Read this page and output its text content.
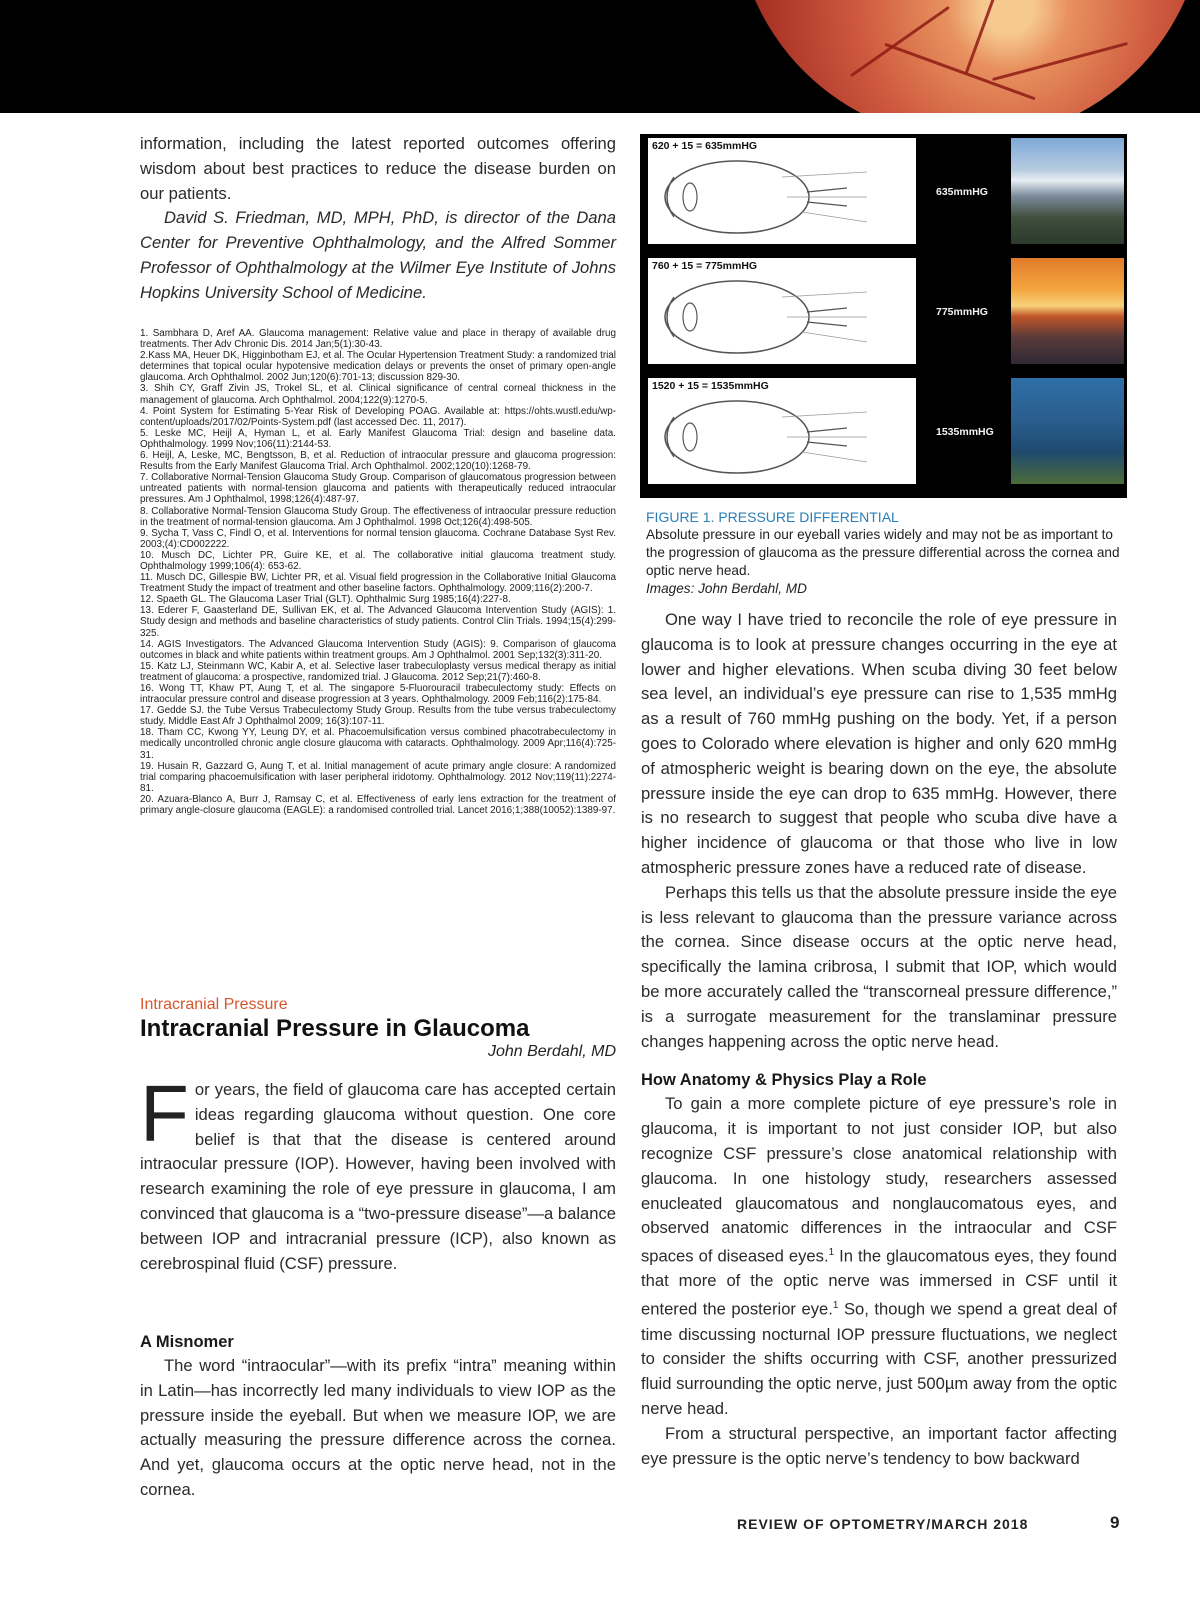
information, including the latest reported outcomes offering wisdom about best practices to reduce the disease burden on our patients.

David S. Friedman, MD, MPH, PhD, is director of the Dana Center for Preventive Ophthalmology, and the Alfred Sommer Professor of Ophthalmology at the Wilmer Eye Institute of Johns Hopkins University School of Medicine.

1. Sambhara D, Aref AA. Glaucoma management: Relative value and place in therapy of available drug treatments. Ther Adv Chronic Dis. 2014 Jan;5(1):30-43.
2.Kass MA, Heuer DK, Higginbotham EJ, et al. The Ocular Hypertension Treatment Study: a randomized trial determines that topical ocular hypotensive medication delays or prevents the onset of primary open-angle glaucoma. Arch Ophthalmol. 2002 Jun;120(6):701-13; discussion 829-30.
3. Shih CY, Graff Zivin JS, Trokel SL, et al. Clinical significance of central corneal thickness in the management of glaucoma. Arch Ophthalmol. 2004;122(9):1270-5.
4. Point System for Estimating 5-Year Risk of Developing POAG. Available at: https://ohts.wustl.edu/wp-content/uploads/2017/02/Points-System.pdf (last accessed Dec. 11, 2017).
5. Leske MC, Heijl A, Hyman L, et al. Early Manifest Glaucoma Trial: design and baseline data. Ophthalmology. 1999 Nov;106(11):2144-53.
6. Heijl, A, Leske, MC, Bengtsson, B, et al. Reduction of intraocular pressure and glaucoma progression: Results from the Early Manifest Glaucoma Trial. Arch Ophthalmol. 2002;120(10):1268-79.
7. Collaborative Normal-Tension Glaucoma Study Group. Comparison of glaucomatous progression between untreated patients with normal-tension glaucoma and patients with therapeutically reduced intraocular pressures. Am J Ophthalmol, 1998;126(4):487-97.
8. Collaborative Normal-Tension Glaucoma Study Group. The effectiveness of intraocular pressure reduction in the treatment of normal-tension glaucoma. Am J Ophthalmol. 1998 Oct;126(4):498-505.
9. Sycha T, Vass C, Findl O, et al. Interventions for normal tension glaucoma. Cochrane Database Syst Rev. 2003;(4):CD002222.
10. Musch DC, Lichter PR, Guire KE, et al. The collaborative initial glaucoma treatment study. Ophthalmology 1999;106(4): 653-62.
11. Musch DC, Gillespie BW, Lichter PR, et al. Visual field progression in the Collaborative Initial Glaucoma Treatment Study the impact of treatment and other baseline factors. Ophthalmology. 2009;116(2):200-7.
12. Spaeth GL. The Glaucoma Laser Trial (GLT). Ophthalmic Surg 1985;16(4):227-8.
13. Ederer F, Gaasterland DE, Sullivan EK, et al. The Advanced Glaucoma Intervention Study (AGIS): 1. Study design and methods and baseline characteristics of study patients. Control Clin Trials. 1994;15(4):299-325.
14. AGIS Investigators. The Advanced Glaucoma Intervention Study (AGIS): 9. Comparison of glaucoma outcomes in black and white patients within treatment groups. Am J Ophthalmol. 2001 Sep;132(3):311-20.
15. Katz LJ, Steinmann WC, Kabir A, et al. Selective laser trabeculoplasty versus medical therapy as initial treatment of glaucoma: a prospective, randomized trial. J Glaucoma. 2012 Sep;21(7):460-8.
16. Wong TT, Khaw PT, Aung T, et al. The singapore 5-Fluorouracil trabeculectomy study: Effects on intraocular pressure control and disease progression at 3 years. Ophthalmology. 2009 Feb;116(2):175-84.
17. Gedde SJ. the Tube Versus Trabeculectomy Study Group. Results from the tube versus trabeculectomy study. Middle East Afr J Ophthalmol 2009; 16(3):107-11.
18. Tham CC, Kwong YY, Leung DY, et al. Phacoemulsification versus combined phacotrabeculectomy in medically uncontrolled chronic angle closure glaucoma with cataracts. Ophthalmology. 2009 Apr;116(4):725-31.
19. Husain R, Gazzard G, Aung T, et al. Initial management of acute primary angle closure: A randomized trial comparing phacoemulsification with laser peripheral iridotomy. Ophthalmology. 2012 Nov;119(11):2274-81.
20. Azuara-Blanco A, Burr J, Ramsay C, et al. Effectiveness of early lens extraction for the treatment of primary angle-closure glaucoma (EAGLE): a randomised controlled trial. Lancet 2016;1;388(10052):1389-97.
Intracranial Pressure
Intracranial Pressure in Glaucoma
John Berdahl, MD

For years, the field of glaucoma care has accepted certain ideas regarding glaucoma without question. One core belief is that that the disease is centered around intraocular pressure (IOP). However, having been involved with research examining the role of eye pressure in glaucoma, I am convinced that glaucoma is a “two-pressure disease”—a balance between IOP and intracranial pressure (ICP), also known as cerebrospinal fluid (CSF) pressure.

A Misnomer

The word “intraocular”—with its prefix “intra” meaning within in Latin—has incorrectly led many individuals to view IOP as the pressure inside the eyeball. But when we measure IOP, we are actually measuring the pressure difference across the cornea. And yet, glaucoma occurs at the optic nerve head, not in the cornea.

620 + 15 = 635mmHG
635mmHG
760 + 15 = 775mmHG
775mmHG
1520 + 15 = 1535mmHG
1535mmHG
FIGURE 1. PRESSURE DIFFERENTIAL
Absolute pressure in our eyeball varies widely and may not be as important to the progression of glaucoma as the pressure differential across the cornea and optic nerve head.
Images: John Berdahl, MD

One way I have tried to reconcile the role of eye pressure in glaucoma is to look at pressure changes occurring in the eye at lower and higher elevations. When scuba diving 30 feet below sea level, an individual’s eye pressure can rise to 1,535 mmHg as a result of 760 mmHg pushing on the body. Yet, if a person goes to Colorado where elevation is higher and only 620 mmHg of atmospheric weight is bearing down on the eye, the absolute pressure inside the eye can drop to 635 mmHg. However, there is no research to suggest that people who scuba dive have a higher incidence of glaucoma or that those who live in low atmospheric pressure zones have a reduced rate of disease.

Perhaps this tells us that the absolute pressure inside the eye is less relevant to glaucoma than the pressure variance across the cornea. Since disease occurs at the optic nerve head, specifically the lamina cribrosa, I submit that IOP, which would be more accurately called the “transcorneal pressure difference,” is a surrogate measurement for the translaminar pressure changes happening across the optic nerve head.

How Anatomy & Physics Play a Role

To gain a more complete picture of eye pressure’s role in glaucoma, it is important to not just consider IOP, but also recognize CSF pressure’s close anatomical relationship with glaucoma. In one histology study, researchers assessed enucleated glaucomatous and nonglaucomatous eyes, and observed anatomic differences in the intraocular and CSF spaces of diseased eyes.$^1$ In the glaucomatous eyes, they found that more of the optic nerve was immersed in CSF until it entered the posterior eye.$^1$ So, though we spend a great deal of time discussing nocturnal IOP pressure fluctuations, we neglect to consider the shifts occurring with CSF, another pressurized fluid surrounding the optic nerve, just 500µm away from the optic nerve head.

From a structural perspective, an important factor affecting eye pressure is the optic nerve’s tendency to bow backward

REVIEW OF OPTOMETRY/MARCH 2018	9
